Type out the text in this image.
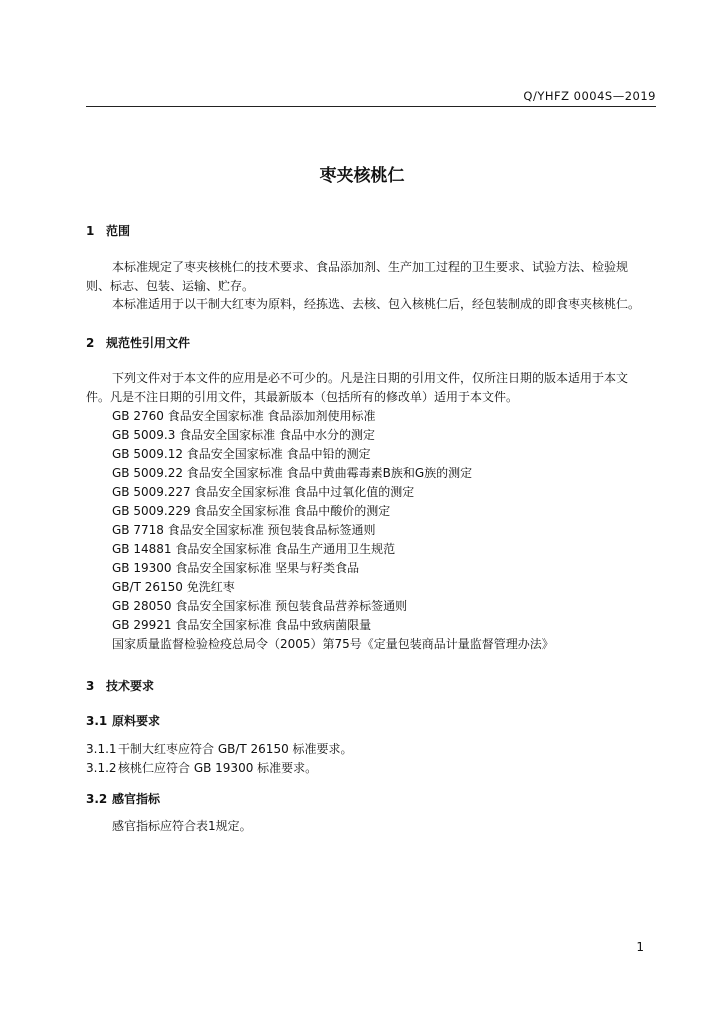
Q/YHFZ 0004S—2019
枣夹核桃仁
1 范围
本标准规定了枣夹核桃仁的技术要求、食品添加剂、生产加工过程的卫生要求、试验方法、检验规
则、标志、包装、运输、贮存。
本标准适用于以干制大红枣为原料，经拣选、去核、包入核桃仁后，经包装制成的即食枣夹核桃仁。
2 规范性引用文件
下列文件对于本文件的应用是必不可少的。凡是注日期的引用文件，仅所注日期的版本适用于本文
件。凡是不注日期的引用文件，其最新版本（包括所有的修改单）适用于本文件。
GB 2760 食品安全国家标准 食品添加剂使用标准
GB 5009.3 食品安全国家标准 食品中水分的测定
GB 5009.12 食品安全国家标准 食品中铅的测定
GB 5009.22 食品安全国家标准 食品中黄曲霉毒素B族和G族的测定
GB 5009.227 食品安全国家标准 食品中过氧化值的测定
GB 5009.229 食品安全国家标准 食品中酸价的测定
GB 7718 食品安全国家标准 预包装食品标签通则
GB 14881 食品安全国家标准 食品生产通用卫生规范
GB 19300 食品安全国家标准 坚果与籽类食品
GB/T 26150 免洗红枣
GB 28050 食品安全国家标准 预包装食品营养标签通则
GB 29921 食品安全国家标准 食品中致病菌限量
国家质量监督检验检疫总局令（2005）第75号《定量包装商品计量监督管理办法》
3 技术要求
3.1 原料要求
3.1.1干制大红枣应符合 GB/T 26150 标准要求。
3.1.2核桃仁应符合 GB 19300 标准要求。
3.2 感官指标
感官指标应符合表1规定。
1
